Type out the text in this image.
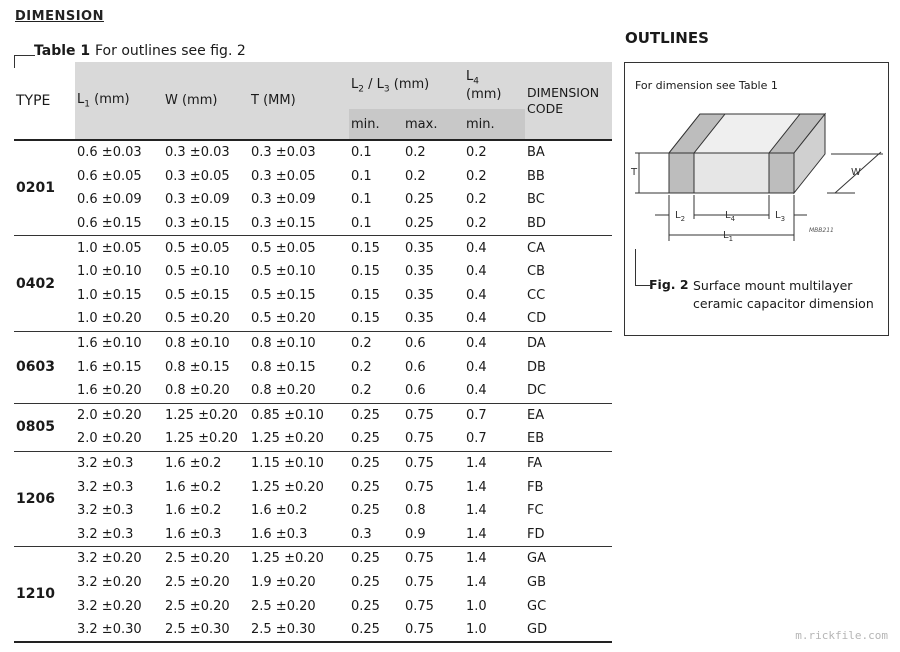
DIMENSION
Table 1 For outlines see fig. 2
TYPE	$L_1$ (mm)	W (mm)	T (MM)	$L_2 / L_3$ (mm)		$L_4$
(mm)	DIMENSION CODE
				min.	max.	min.	
0201	0.6 ±0.03	0.3 ±0.03	0.3 ±0.03	0.1	0.2	0.2	BA
	0.6 ±0.05	0.3 ±0.05	0.3 ±0.05	0.1	0.2	0.2	BB
	0.6 ±0.09	0.3 ±0.09	0.3 ±0.09	0.1	0.25	0.2	BC
	0.6 ±0.15	0.3 ±0.15	0.3 ±0.15	0.1	0.25	0.2	BD
0402	1.0 ±0.05	0.5 ±0.05	0.5 ±0.05	0.15	0.35	0.4	CA
	1.0 ±0.10	0.5 ±0.10	0.5 ±0.10	0.15	0.35	0.4	CB
	1.0 ±0.15	0.5 ±0.15	0.5 ±0.15	0.15	0.35	0.4	CC
	1.0 ±0.20	0.5 ±0.20	0.5 ±0.20	0.15	0.35	0.4	CD
0603	1.6 ±0.10	0.8 ±0.10	0.8 ±0.10	0.2	0.6	0.4	DA
	1.6 ±0.15	0.8 ±0.15	0.8 ±0.15	0.2	0.6	0.4	DB
	1.6 ±0.20	0.8 ±0.20	0.8 ±0.20	0.2	0.6	0.4	DC
0805	2.0 ±0.20	1.25 ±0.20	0.85 ±0.10	0.25	0.75	0.7	EA
	2.0 ±0.20	1.25 ±0.20	1.25 ±0.20	0.25	0.75	0.7	EB
1206	3.2 ±0.3	1.6 ±0.2	1.15 ±0.10	0.25	0.75	1.4	FA
	3.2 ±0.3	1.6 ±0.2	1.25 ±0.20	0.25	0.75	1.4	FB
	3.2 ±0.3	1.6 ±0.2	1.6 ±0.2	0.25	0.8	1.4	FC
	3.2 ±0.3	1.6 ±0.3	1.6 ±0.3	0.3	0.9	1.4	FD
1210	3.2 ±0.20	2.5 ±0.20	1.25 ±0.20	0.25	0.75	1.4	GA
	3.2 ±0.20	2.5 ±0.20	1.9 ±0.20	0.25	0.75	1.4	GB
	3.2 ±0.20	2.5 ±0.20	2.5 ±0.20	0.25	0.75	1.0	GC
	3.2 ±0.30	2.5 ±0.30	2.5 ±0.30	0.25	0.75	1.0	GD
OUTLINES
For dimension see Table 1
T	W
$L_2$	$L_4$	$L_3$
$L_1$
MBB211
Fig. 2 Surface mount multilayer ceramic capacitor dimension
m.rickfile.com
